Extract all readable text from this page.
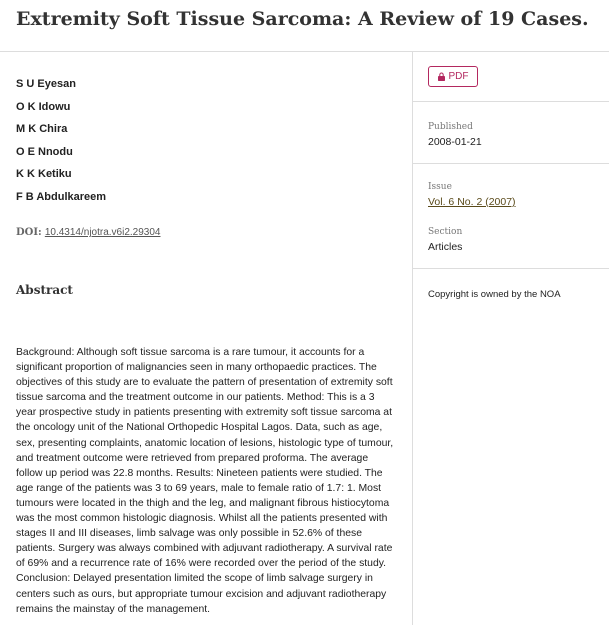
Extremity Soft Tissue Sarcoma: A Review of 19 Cases.
S U Eyesan
O K Idowu
M K Chira
O E Nnodu
K K Ketiku
F B Abdulkareem
DOI: 10.4314/njotra.v6i2.29304
Abstract

Background: Although soft tissue sarcoma is a rare tumour, it accounts for a significant proportion of malignancies seen in many orthopaedic practices. The objectives of this study are to evaluate the pattern of presentation of extremity soft tissue sarcoma and the treatment outcome in our patients. Method: This is a 3 year prospective study in patients presenting with extremity soft tissue sarcoma at the oncology unit of the National Orthopedic Hospital Lagos. Data, such as age, sex, presenting complaints, anatomic location of lesions, histologic type of tumour, and treatment outcome were retrieved from prepared proforma. The average follow up period was 22.8 months. Results: Nineteen patients were studied. The age range of the patients was 3 to 69 years, male to female ratio of 1.7: 1. Most tumours were located in the thigh and the leg, and malignant fibrous histiocytoma was the most common histologic diagnosis. Whilst all the patients presented with stages II and III diseases, limb salvage was only possible in 52.6% of these patients. Surgery was always combined with adjuvant radiotherapy. A survival rate of 69% and a recurrence rate of 16% were recorded over the period of the study. Conclusion: Delayed presentation limited the scope of limb salvage surgery in centers such as ours, but appropriate tumour excision and adjuvant radiotherapy remains the mainstay of the management.

PDF
Published
2008-01-21
Issue
Vol. 6 No. 2 (2007)
Section
Articles
Copyright is owned by the NOA
